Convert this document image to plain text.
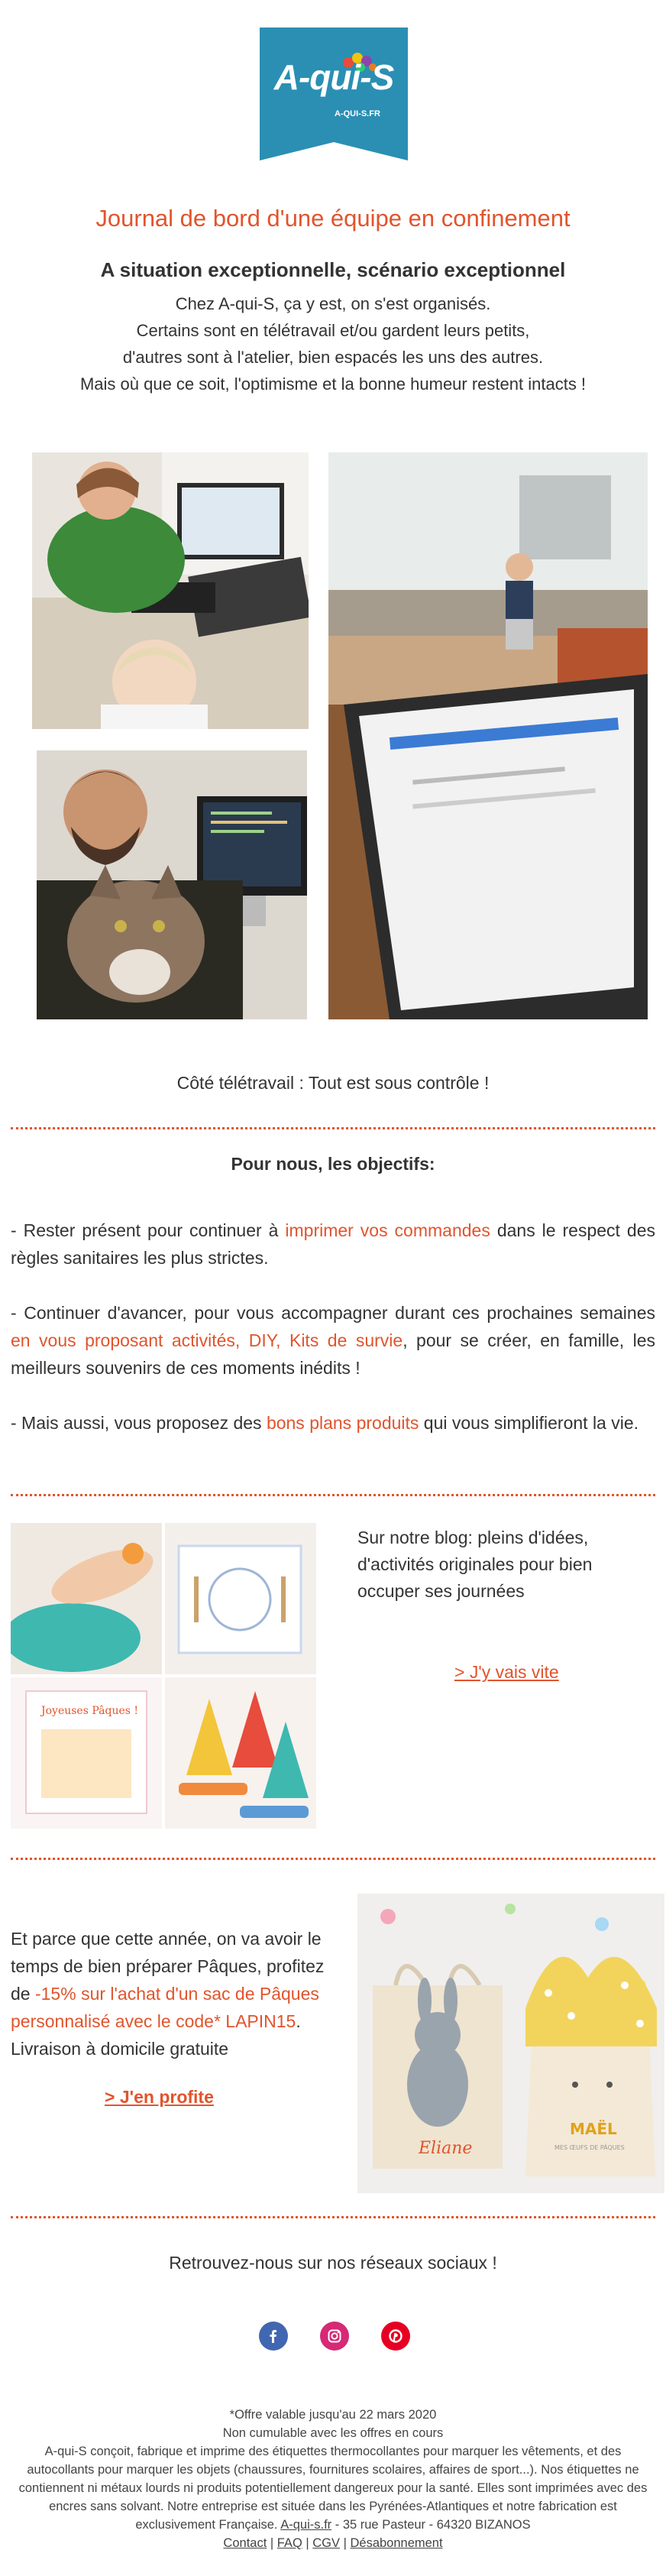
A-qui-S
A-QUI-S.FR
Journal de bord d'une équipe en confinement
A situation exceptionnelle, scénario exceptionnel
Chez A-qui-S, ça y est, on s'est organisés.
Certains sont en télétravail et/ou gardent leurs petits,
d'autres sont à l'atelier, bien espacés les uns des autres.
Mais où que ce soit, l'optimisme et la bonne humeur restent intacts !
Côté télétravail : Tout est sous contrôle !
Pour nous, les objectifs:
- Rester présent pour continuer à imprimer vos commandes dans le respect des règles sanitaires les plus strictes.
- Continuer d'avancer, pour vous accompagner durant ces prochaines semaines en vous proposant activités, DIY, Kits de survie, pour se créer, en famille, les meilleurs souvenirs de ces moments inédits !
- Mais aussi, vous proposez des bons plans produits qui vous simplifieront la vie.
Joyeuses Pâques !
Sur notre blog: pleins d'idées, d'activités originales pour bien occuper ses journées
> J'y vais vite
Et parce que cette année, on va avoir le temps de bien préparer Pâques, profitez de -15% sur l'achat d'un sac de Pâques personnalisé avec le code* LAPIN15. Livraison à domicile gratuite
> J'en profite
Eliane
MAËL
MES ŒUFS DE PÂQUES
Retrouvez-nous sur nos réseaux sociaux !
*Offre valable jusqu'au 22 mars 2020
Non cumulable avec les offres en cours
A-qui-S conçoit, fabrique et imprime des étiquettes thermocollantes pour marquer les vêtements, et des autocollants pour marquer les objets (chaussures, fournitures scolaires, affaires de sport...). Nos étiquettes ne contiennent ni métaux lourds ni produits potentiellement dangereux pour la santé. Elles sont imprimées avec des encres sans solvant. Notre entreprise est située dans les Pyrénées-Atlantiques et notre fabrication est exclusivement Française. A-qui-s.fr - 35 rue Pasteur - 64320 BIZANOS
Contact | FAQ | CGV | Désabonnement
